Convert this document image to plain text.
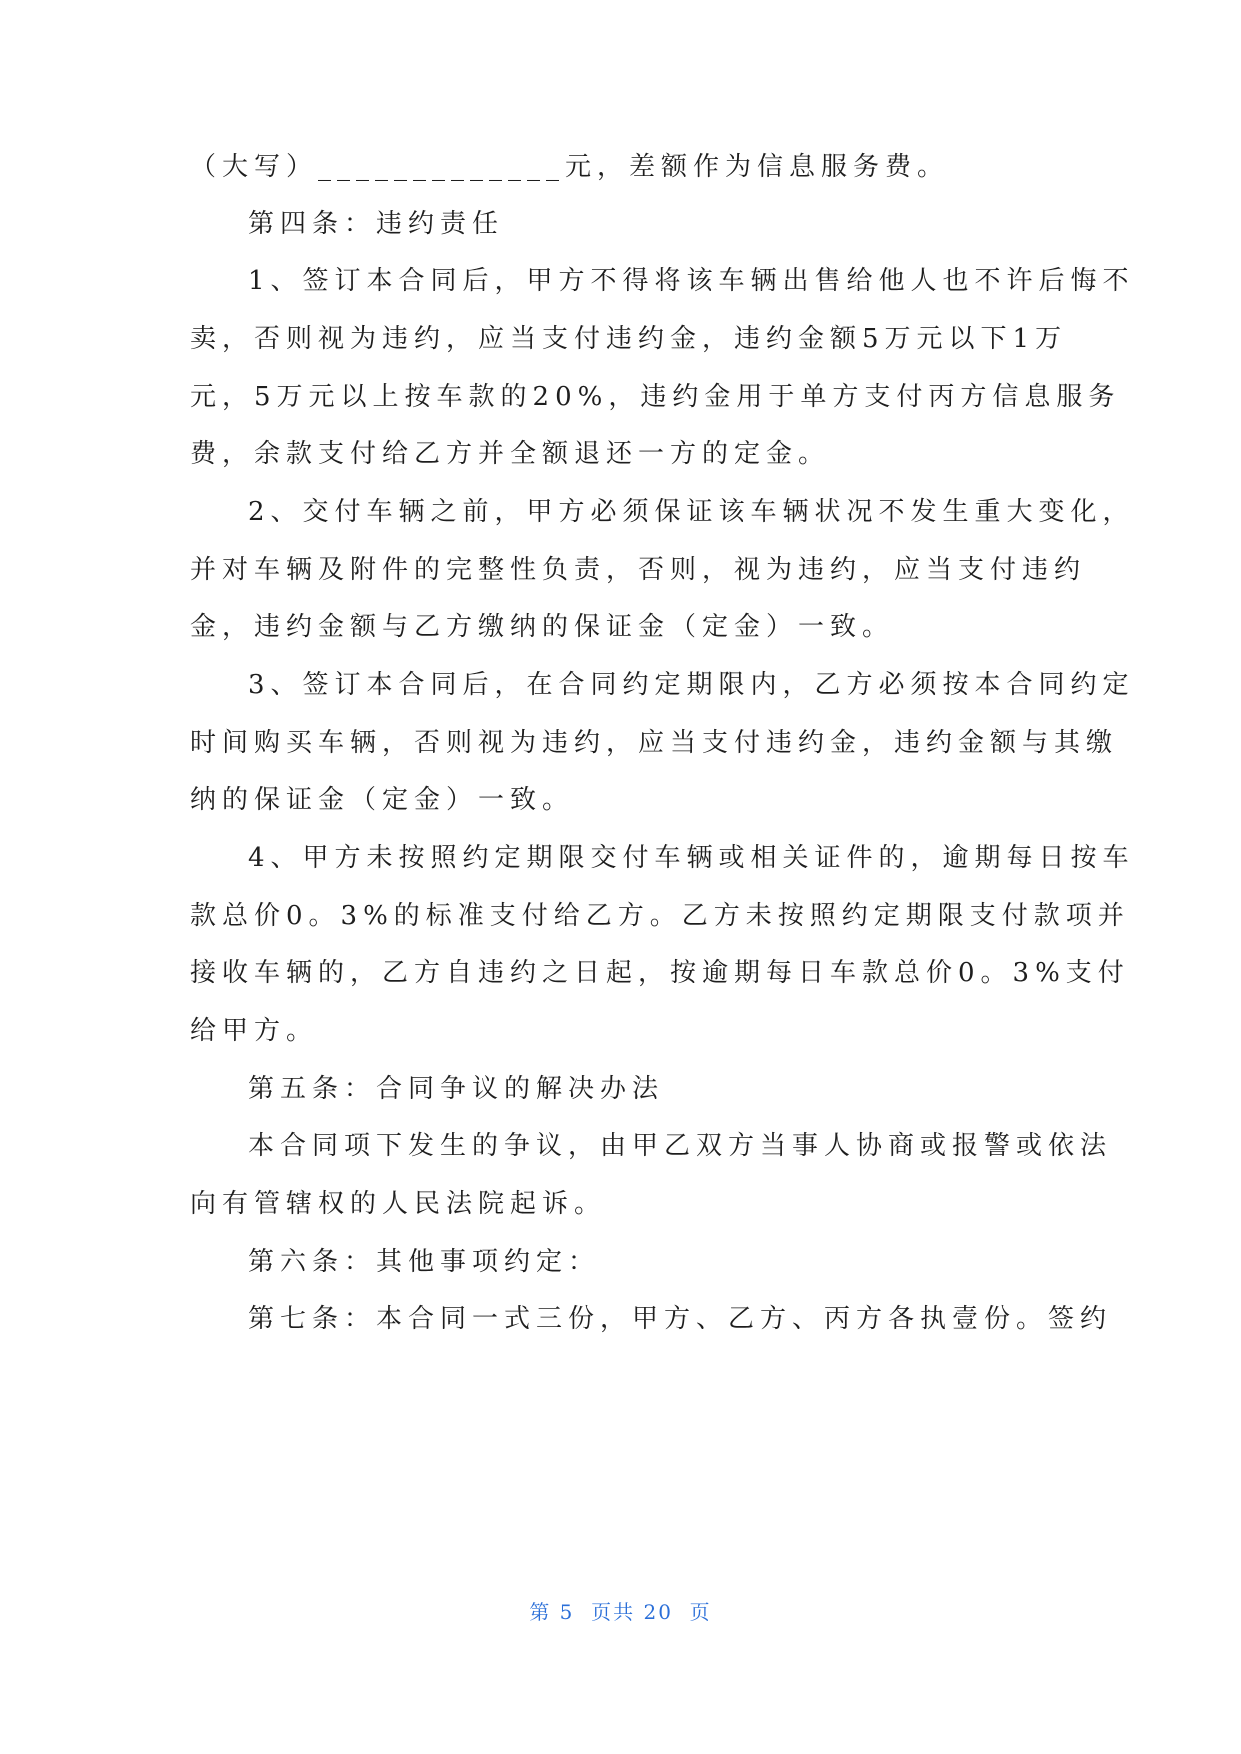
（大写）_____________元，差额作为信息服务费。
第四条：违约责任
1、签订本合同后，甲方不得将该车辆出售给他人也不许后悔不
卖，否则视为违约，应当支付违约金，违约金额5万元以下1万
元，5万元以上按车款的20%，违约金用于单方支付丙方信息服务
费，余款支付给乙方并全额退还一方的定金。
2、交付车辆之前，甲方必须保证该车辆状况不发生重大变化，
并对车辆及附件的完整性负责，否则，视为违约，应当支付违约
金，违约金额与乙方缴纳的保证金（定金）一致。
3、签订本合同后，在合同约定期限内，乙方必须按本合同约定
时间购买车辆，否则视为违约，应当支付违约金，违约金额与其缴
纳的保证金（定金）一致。
4、甲方未按照约定期限交付车辆或相关证件的，逾期每日按车
款总价0。3%的标准支付给乙方。乙方未按照约定期限支付款项并
接收车辆的，乙方自违约之日起，按逾期每日车款总价0。3%支付
给甲方。
第五条：合同争议的解决办法
本合同项下发生的争议，由甲乙双方当事人协商或报警或依法
向有管辖权的人民法院起诉。
第六条：其他事项约定：
第七条：本合同一式三份，甲方、乙方、丙方各执壹份。签约
第 5  页共 20  页
